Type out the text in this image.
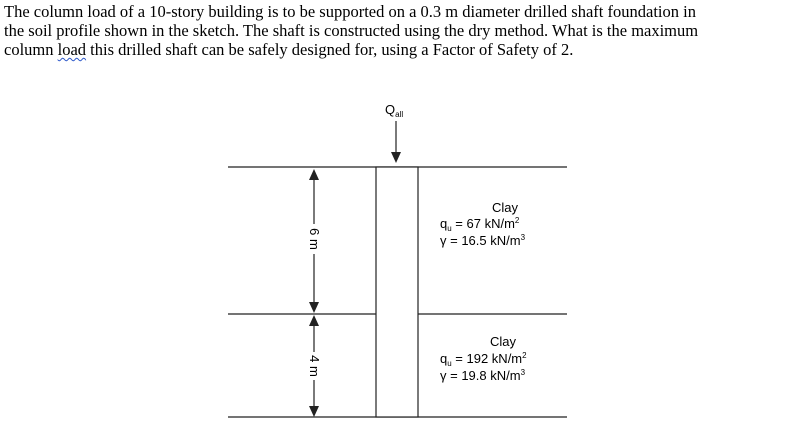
The column load of a 10-story building is to be supported on a 0.3 m diameter drilled shaft foundation in
the soil profile shown in the sketch. The shaft is constructed using the dry method. What is the maximum
column load this drilled shaft can be safely designed for, using a Factor of Safety of 2.
$Q_{all}$
6 m
4 m
Clay
$q_u = 67$ $kN/m^2$
γ = 16.5 $kN/m^3$
Clay
$q_u = 192$ $kN/m^2$
γ = 19.8 $kN/m^3$
